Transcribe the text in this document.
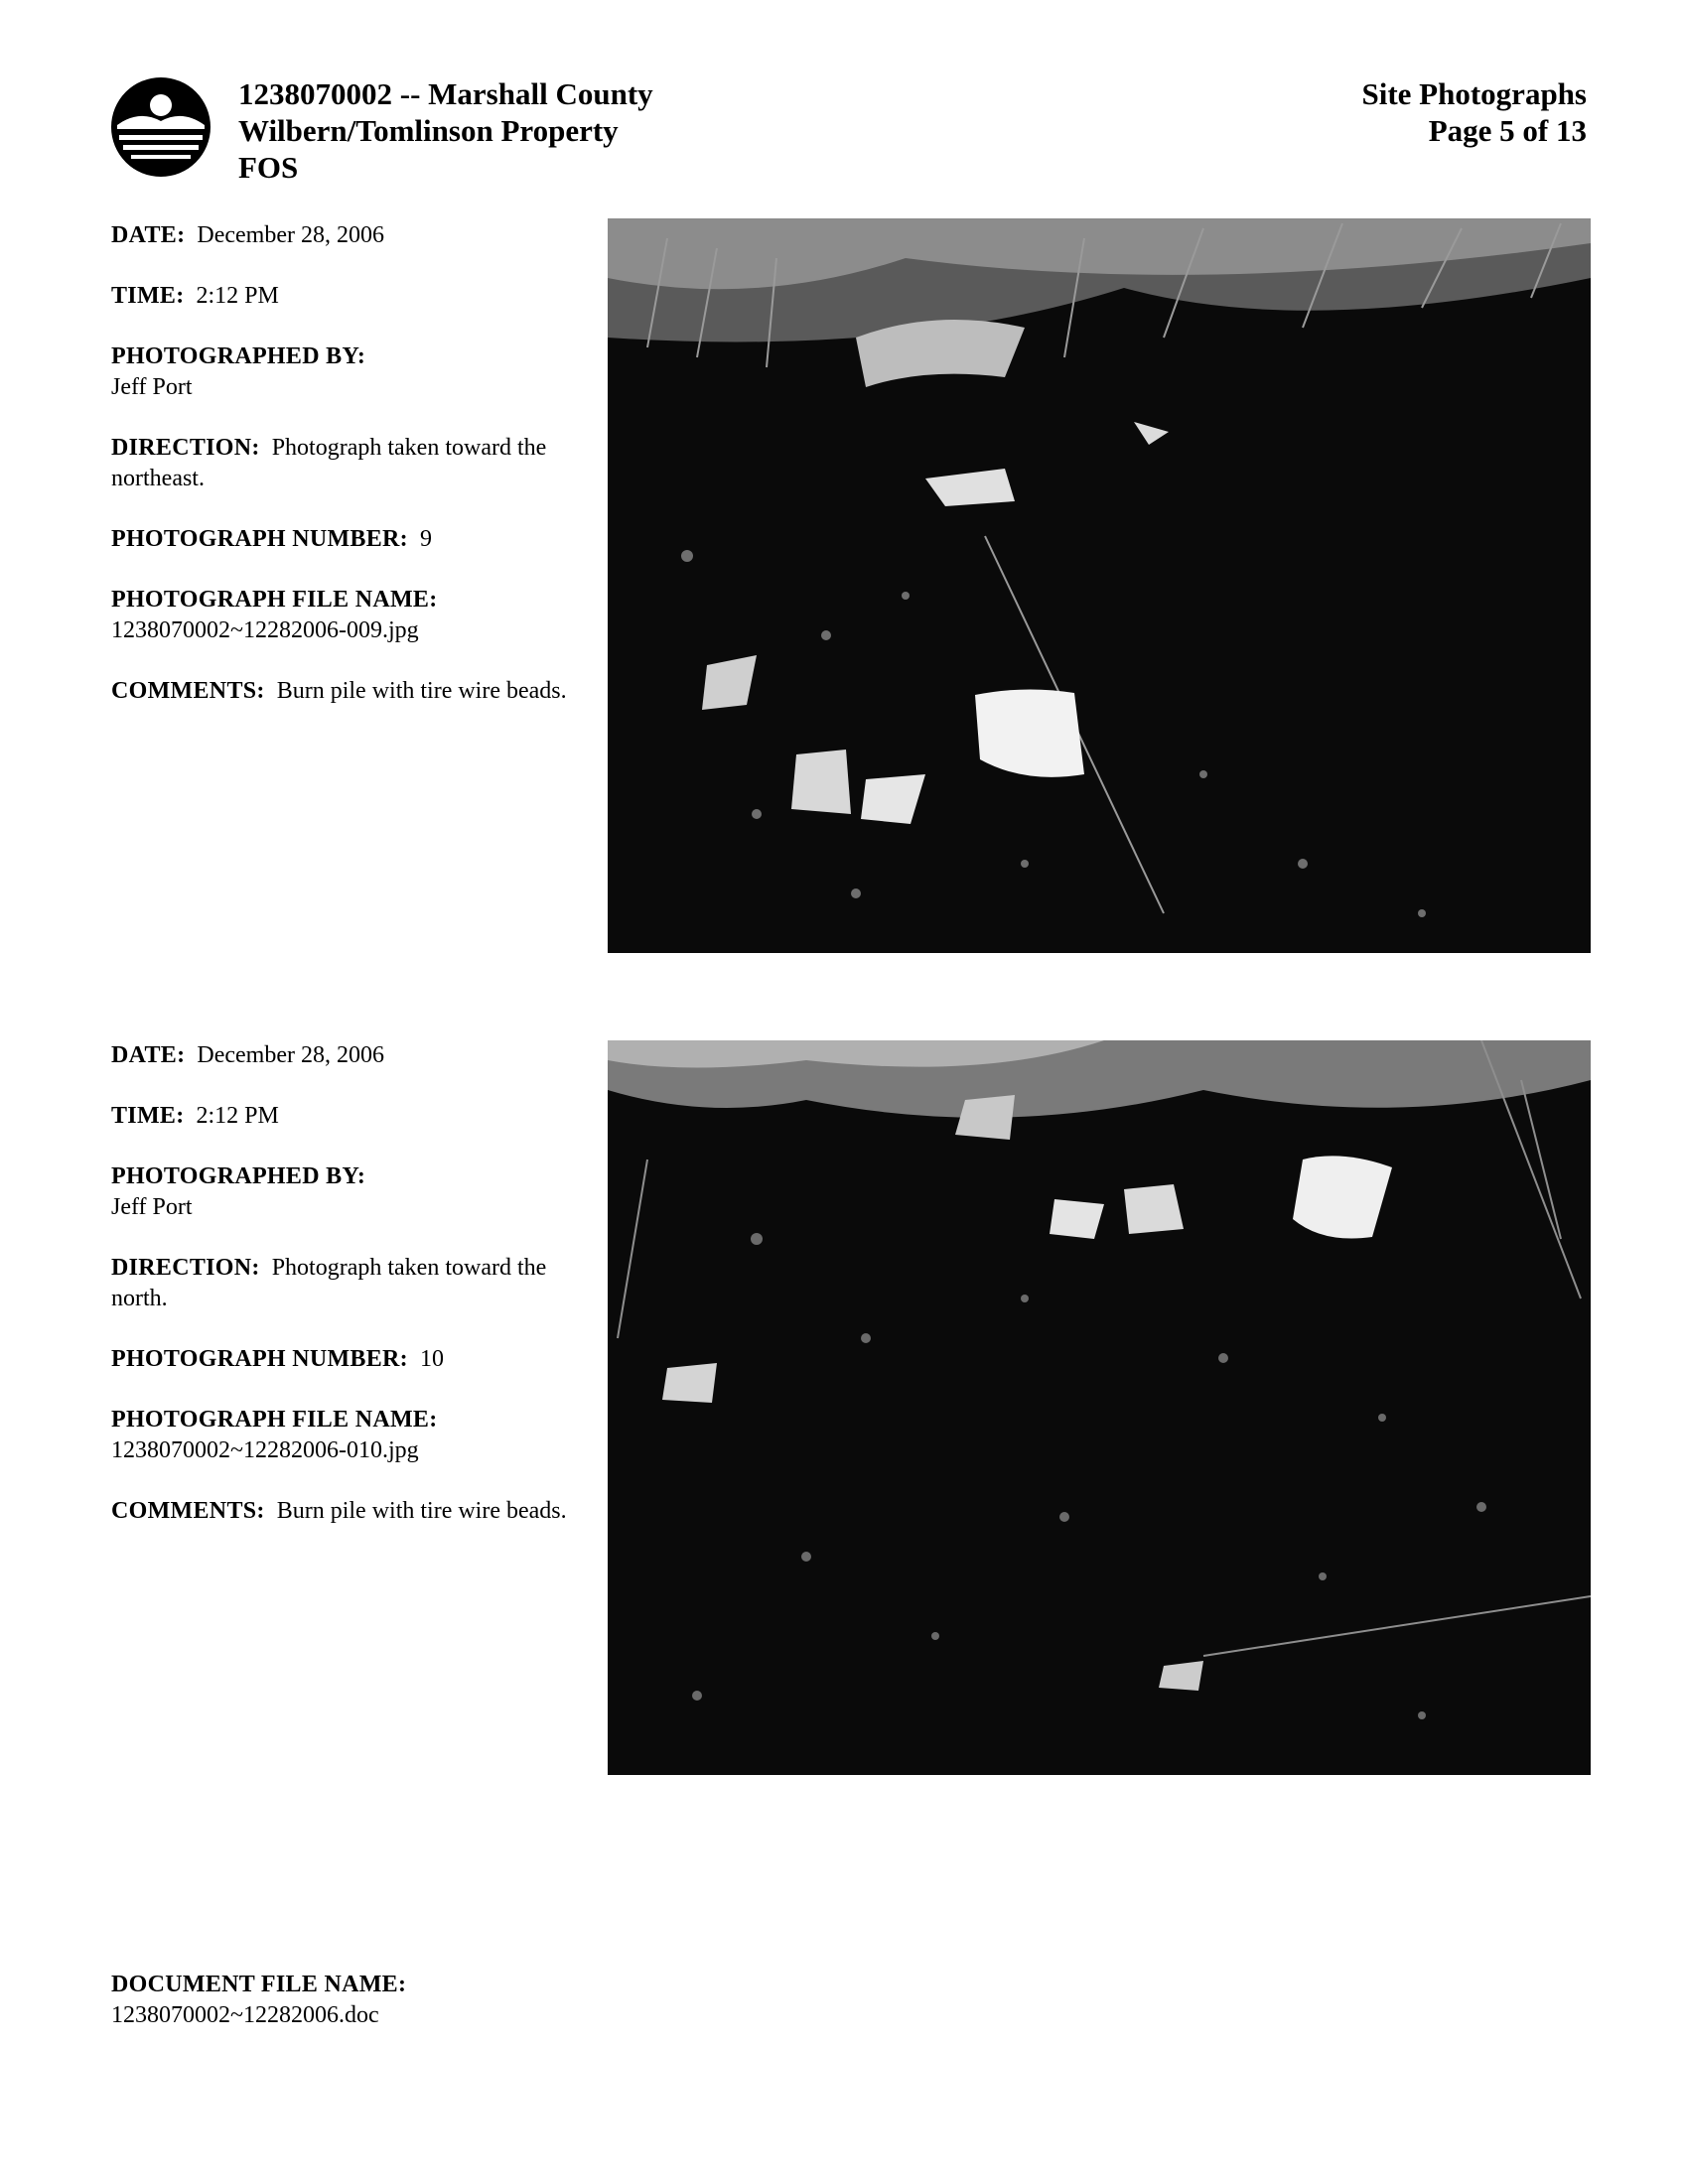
1238070002 -- Marshall County
Wilbern/Tomlinson Property
FOS
Site Photographs
Page 5 of 13
DATE: December 28, 2006
TIME: 2:12 PM
PHOTOGRAPHED BY:
Jeff Port
DIRECTION: Photograph taken toward the northeast.
PHOTOGRAPH NUMBER: 9
PHOTOGRAPH FILE NAME:
1238070002~12282006-009.jpg
COMMENTS: Burn pile with tire wire beads.
DATE: December 28, 2006
TIME: 2:12 PM
PHOTOGRAPHED BY:
Jeff Port
DIRECTION: Photograph taken toward the north.
PHOTOGRAPH NUMBER: 10
PHOTOGRAPH FILE NAME:
1238070002~12282006-010.jpg
COMMENTS: Burn pile with tire wire beads.
DOCUMENT FILE NAME:
1238070002~12282006.doc
